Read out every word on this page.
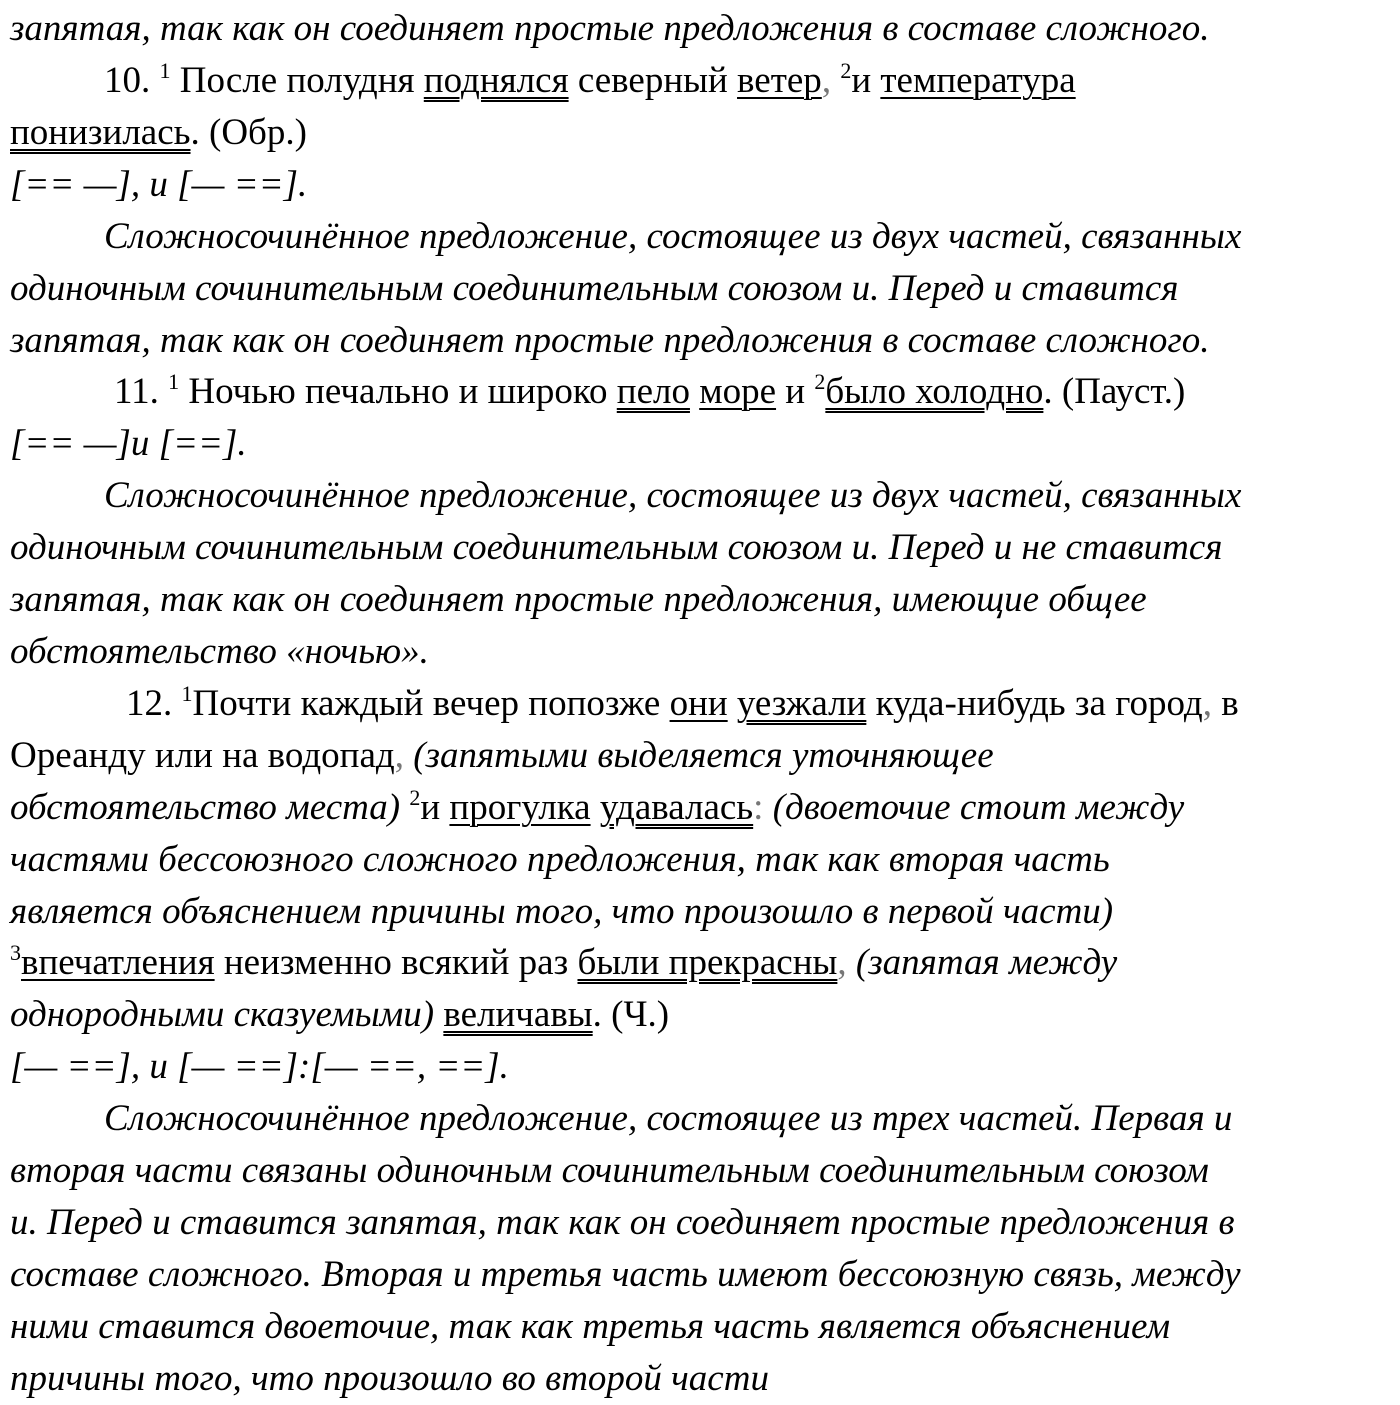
запятая, так как он соединяет простые предложения в составе сложного.
10. $^1$ После полудня поднялся северный ветер, $^2$и температура
понизилась. (Обр.)
[== —], и [— ==].
Сложносочинённое предложение, состоящее из двух частей, связанных
одиночным сочинительным соединительным союзом и. Перед и ставится
запятая, так как он соединяет простые предложения в составе сложного.
11. $^1$ Ночью печально и широко пело море и $^2$было холодно. (Пауст.)
[== —]и [==].
Сложносочинённое предложение, состоящее из двух частей, связанных
одиночным сочинительным соединительным союзом и. Перед и не ставится
запятая, так как он соединяет простые предложения, имеющие общее
обстоятельство «ночью».
12. $^1$Почти каждый вечер попозже они уезжали куда-нибудь за город, в
Ореанду или на водопад, (запятыми выделяется уточняющее
обстоятельство места) $^2$и прогулка удавалась: (двоеточие стоит между
частями бессоюзного сложного предложения, так как вторая часть
является объяснением причины того, что произошло в первой части)
$^3$впечатления неизменно всякий раз были прекрасны, (запятая между
однородными сказуемыми) величавы. (Ч.)
[— ==], и [— ==]:[— ==, ==].
Сложносочинённое предложение, состоящее из трех частей. Первая и
вторая части связаны одиночным сочинительным соединительным союзом
и. Перед и ставится запятая, так как он соединяет простые предложения в
составе сложного. Вторая и третья часть имеют бессоюзную связь, между
ними ставится двоеточие, так как третья часть является объяснением
причины того, что произошло во второй части
